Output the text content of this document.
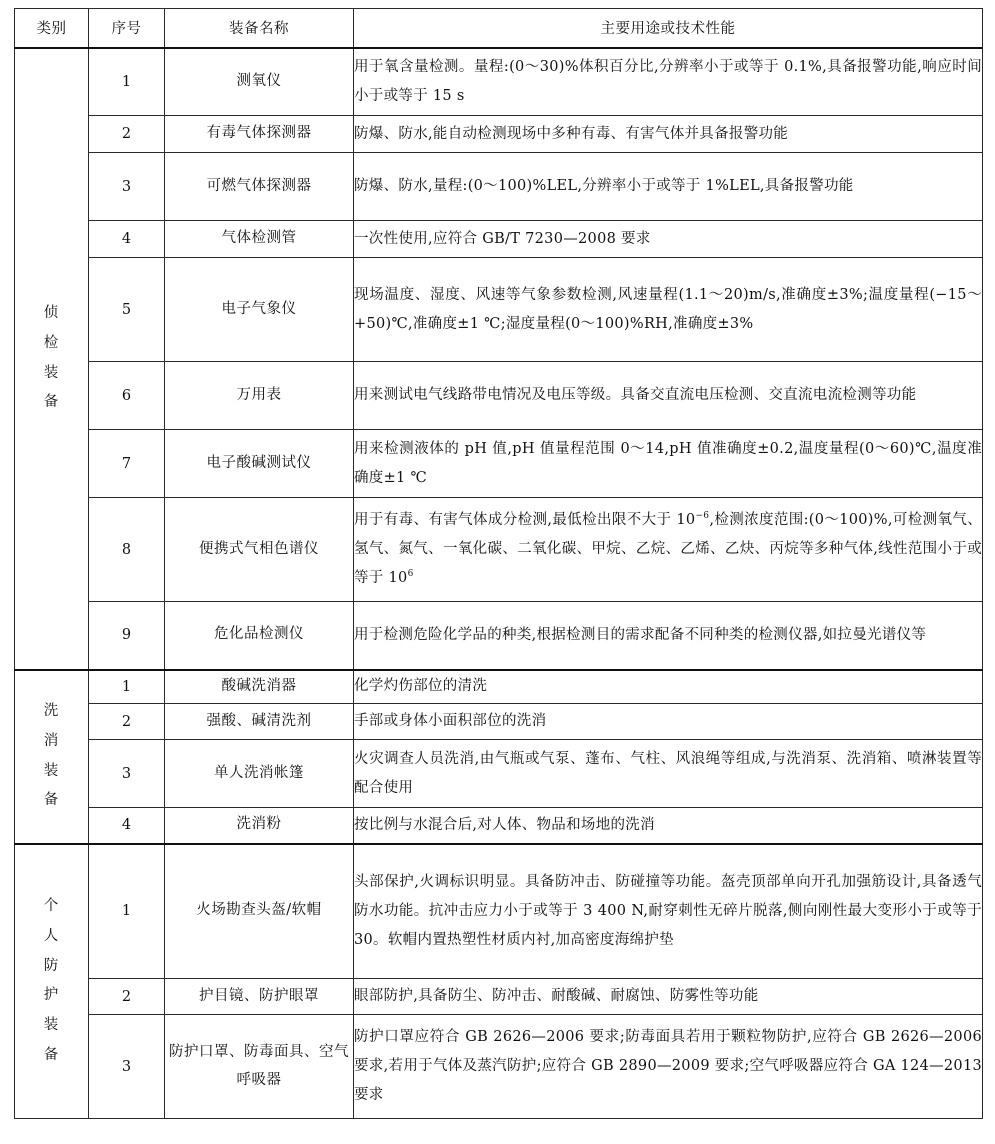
类别	序号	装备名称	主要用途或技术性能
侦检装备	1	测氧仪	用于氧含量检测。量程:(0～30)%体积百分比,分辨率小于或等于 0.1%,具备报警功能,响应时间小于或等于 15 s
	2	有毒气体探测器	防爆、防水,能自动检测现场中多种有毒、有害气体并具备报警功能
	3	可燃气体探测器	防爆、防水,量程:(0～100)%LEL,分辨率小于或等于 1%LEL,具备报警功能
	4	气体检测管	一次性使用,应符合 GB/T 7230—2008 要求
	5	电子气象仪	现场温度、湿度、风速等气象参数检测,风速量程(1.1～20)m/s,准确度±3%;温度量程(−15～+50)℃,准确度±1 ℃;湿度量程(0～100)%RH,准确度±3%
	6	万用表	用来测试电气线路带电情况及电压等级。具备交直流电压检测、交直流电流检测等功能
	7	电子酸碱测试仪	用来检测液体的 pH 值,pH 值量程范围 0～14,pH 值准确度±0.2,温度量程(0～60)℃,温度准确度±1 ℃
	8	便携式气相色谱仪	用于有毒、有害气体成分检测,最低检出限不大于 $10^{-6}$,检测浓度范围:(0～100)%,可检测氧气、氢气、氮气、一氧化碳、二氧化碳、甲烷、乙烷、乙烯、乙炔、丙烷等多种气体,线性范围小于或等于 $10^6$
	9	危化品检测仪	用于检测危险化学品的种类,根据检测目的需求配备不同种类的检测仪器,如拉曼光谱仪等
洗消装备	1	酸碱洗消器	化学灼伤部位的清洗
	2	强酸、碱清洗剂	手部或身体小面积部位的洗消
	3	单人洗消帐篷	火灾调查人员洗消,由气瓶或气泵、蓬布、气柱、风浪绳等组成,与洗消泵、洗消箱、喷淋装置等配合使用
	4	洗消粉	按比例与水混合后,对人体、物品和场地的洗消
个人防护装备	1	火场勘查头盔/软帽	头部保护,火调标识明显。具备防冲击、防碰撞等功能。盔壳顶部单向开孔加强筋设计,具备透气防水功能。抗冲击应力小于或等于 3 400 N,耐穿刺性无碎片脱落,侧向刚性最大变形小于或等于 30。软帽内置热塑性材质内衬,加高密度海绵护垫
	2	护目镜、防护眼罩	眼部防护,具备防尘、防冲击、耐酸碱、耐腐蚀、防雾性等功能
	3	防护口罩、防毒面具、空气呼吸器	防护口罩应符合 GB 2626—2006 要求;防毒面具若用于颗粒物防护,应符合 GB 2626—2006 要求,若用于气体及蒸汽防护;应符合 GB 2890—2009 要求;空气呼吸器应符合 GA 124—2013 要求
